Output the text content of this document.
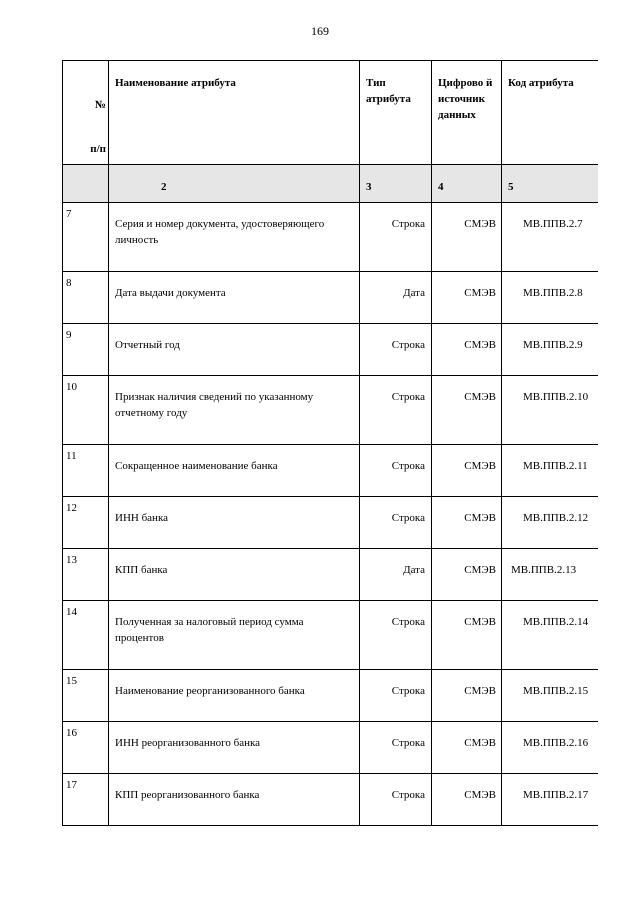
169
№
п/п	Наименование атрибута	Тип атрибута	Цифрово й источник данных	Код атрибута
	2	3	4	5
7	Серия и номер документа, удостоверяющего личность	Строка	СМЭВ	МВ.ППВ.2.7
8	Дата выдачи документа	Дата	СМЭВ	МВ.ППВ.2.8
9	Отчетный год	Строка	СМЭВ	МВ.ППВ.2.9
10	Признак наличия сведений по указанному отчетному году	Строка	СМЭВ	МВ.ППВ.2.10
11	Сокращенное наименование банка	Строка	СМЭВ	МВ.ППВ.2.11
12	ИНН банка	Строка	СМЭВ	МВ.ППВ.2.12
13	КПП банка	Дата	СМЭВ	МВ.ППВ.2.13
14	Полученная за налоговый период сумма процентов	Строка	СМЭВ	МВ.ППВ.2.14
15	Наименование реорганизованного банка	Строка	СМЭВ	МВ.ППВ.2.15
16	ИНН реорганизованного банка	Строка	СМЭВ	МВ.ППВ.2.16
17	КПП реорганизованного банка	Строка	СМЭВ	МВ.ППВ.2.17
